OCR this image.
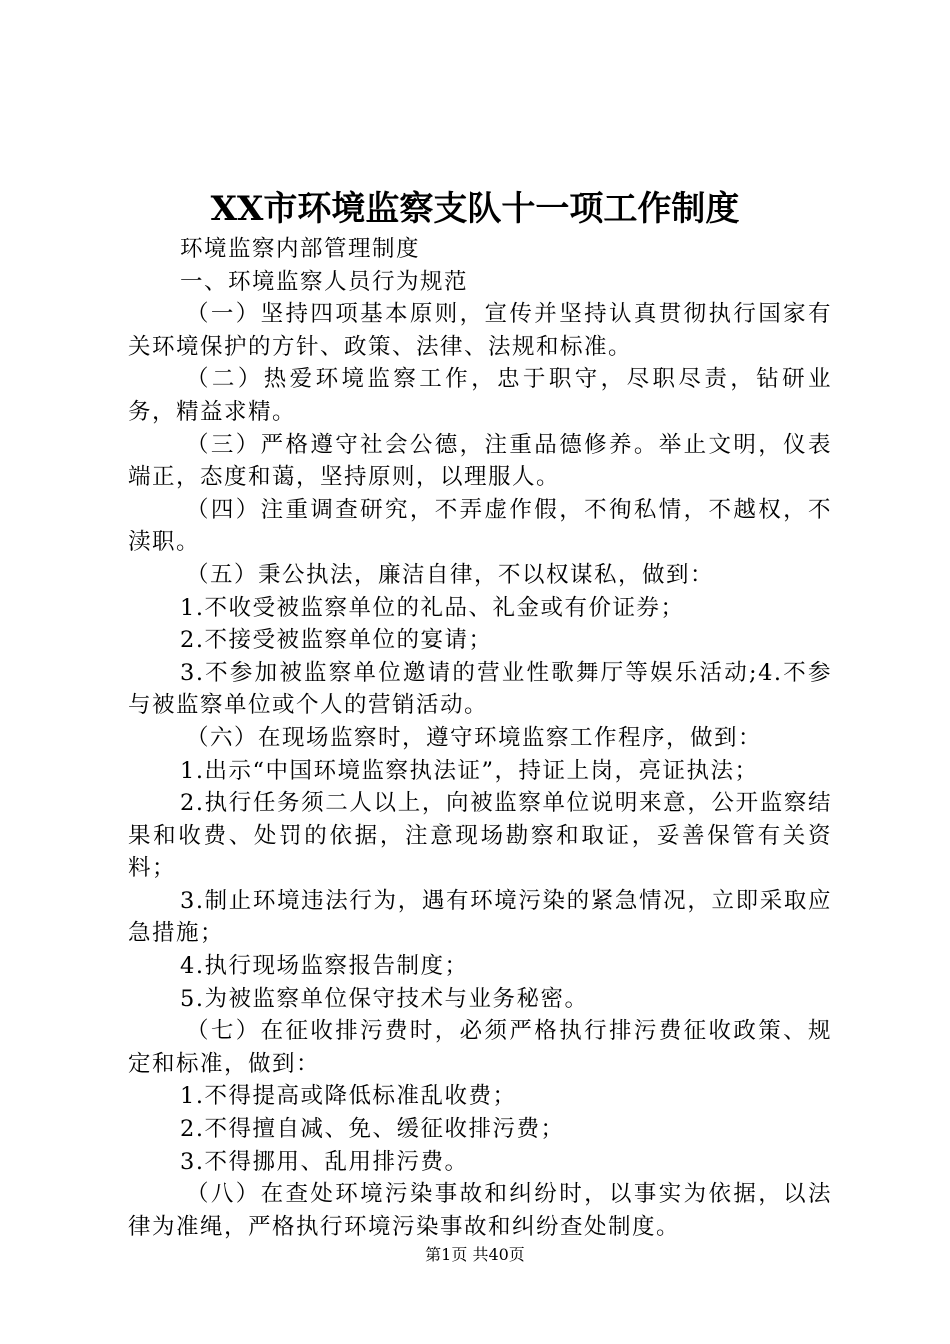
XX市环境监察支队十一项工作制度

环境监察内部管理制度

一、环境监察人员行为规范

（一）坚持四项基本原则，宣传并坚持认真贯彻执行国家有关环境保护的方针、政策、法律、法规和标准。

（二）热爱环境监察工作，忠于职守，尽职尽责，钻研业务，精益求精。

（三）严格遵守社会公德，注重品德修养。举止文明，仪表端正，态度和蔼，坚持原则，以理服人。

（四）注重调查研究，不弄虚作假，不徇私情，不越权，不渎职。

（五）秉公执法，廉洁自律，不以权谋私，做到：

1.不收受被监察单位的礼品、礼金或有价证券；

2.不接受被监察单位的宴请；

3.不参加被监察单位邀请的营业性歌舞厅等娱乐活动;4.不参与被监察单位或个人的营销活动。

（六）在现场监察时，遵守环境监察工作程序，做到：

1.出示“中国环境监察执法证”，持证上岗，亮证执法；

2.执行任务须二人以上，向被监察单位说明来意，公开监察结果和收费、处罚的依据，注意现场勘察和取证，妥善保管有关资料；

3.制止环境违法行为，遇有环境污染的紧急情况，立即采取应急措施；

4.执行现场监察报告制度；

5.为被监察单位保守技术与业务秘密。

（七）在征收排污费时，必须严格执行排污费征收政策、规定和标准，做到：

1.不得提高或降低标准乱收费；

2.不得擅自减、免、缓征收排污费；

3.不得挪用、乱用排污费。

（八）在查处环境污染事故和纠纷时，以事实为依据，以法律为准绳，严格执行环境污染事故和纠纷查处制度。

第1页 共40页
